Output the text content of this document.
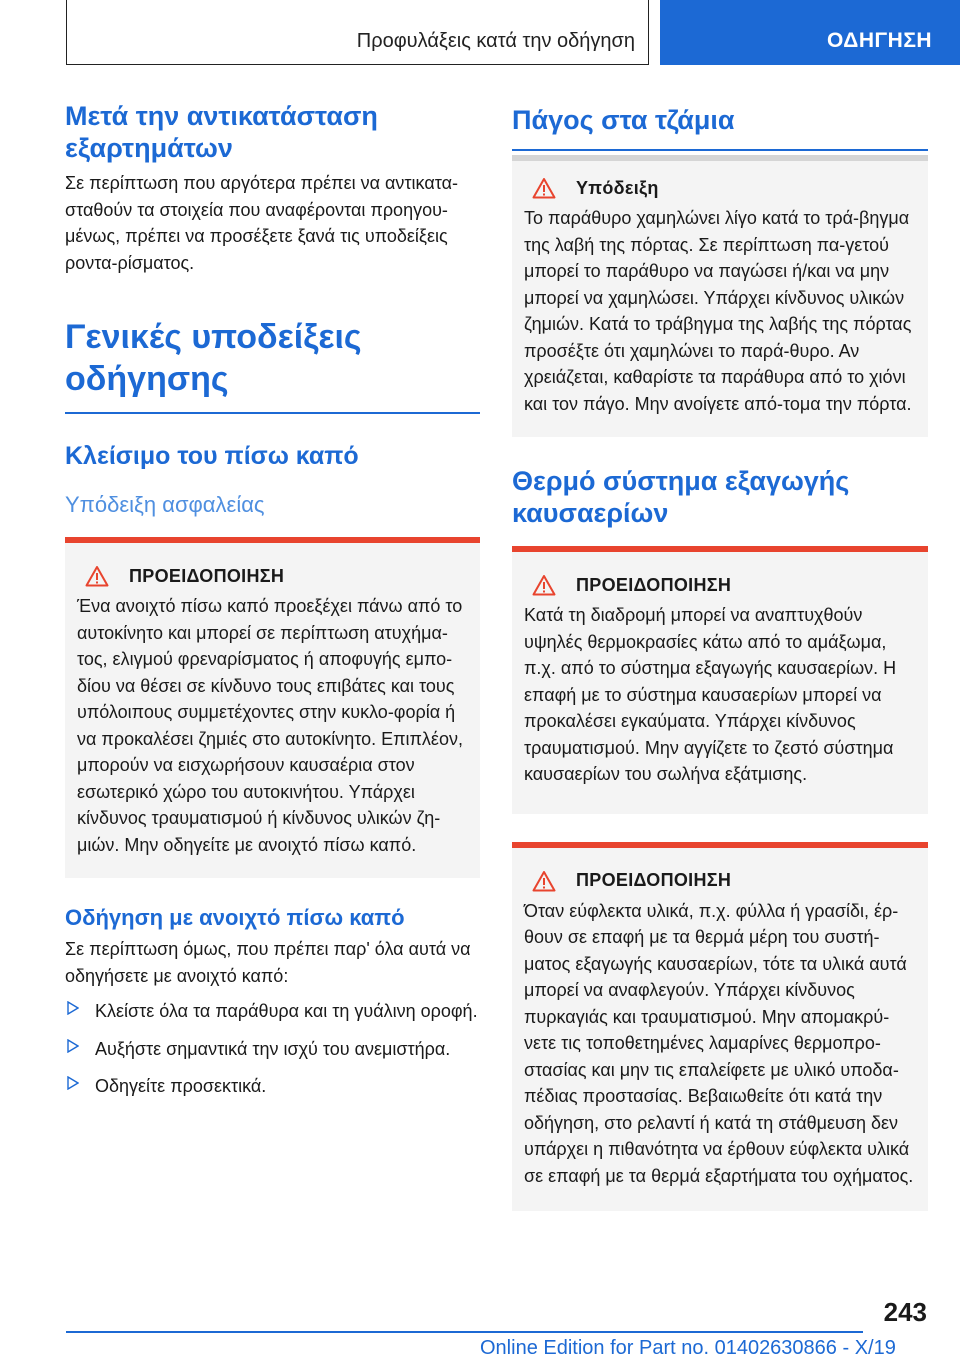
Προφυλάξεις κατά την οδήγηση	ΟΔΗΓΗΣΗ
Μετά την αντικατάσταση
εξαρτημάτων

Σε περίπτωση που αργότερα πρέπει να αντικατα-σταθούν τα στοιχεία που αναφέρονται προηγου-μένως, πρέπει να προσέξετε ξανά τις υποδείξεις ροντα-ρίσματος.

Γενικές υποδείξεις
οδήγησης
Κλείσιμο του πίσω καπό
Υπόδειξη ασφαλείας
ΠΡΟΕΙΔΟΠΟΙΗΣΗ

Ένα ανοιχτό πίσω καπό προεξέχει πάνω από το αυτοκίνητο και μπορεί σε περίπτωση ατυχήμα-τος, ελιγμού φρεναρίσματος ή αποφυγής εμπο-δίου να θέσει σε κίνδυνο τους επιβάτες και τους υπόλοιπους συμμετέχοντες στην κυκλο-φορία ή να προκαλέσει ζημιές στο αυτοκίνητο. Επιπλέον, μπορούν να εισχωρήσουν καυσαέρια στον εσωτερικό χώρο του αυτοκινήτου. Υπάρχει κίνδυνος τραυματισμού ή κίνδυνος υλικών ζη-μιών. Μην οδηγείτε με ανοιχτό πίσω καπό.

Οδήγηση με ανοιχτό πίσω καπό

Σε περίπτωση όμως, που πρέπει παρ' όλα αυτά να οδηγήσετε με ανοιχτό καπό:

Κλείστε όλα τα παράθυρα και τη γυάλινη οροφή.
Αυξήστε σημαντικά την ισχύ του ανεμιστήρα.
Οδηγείτε προσεκτικά.
Πάγος στα τζάμια
Υπόδειξη

Το παράθυρο χαμηλώνει λίγο κατά το τρά-βηγμα της λαβή της πόρτας. Σε περίπτωση πα-γετού μπορεί το παράθυρο να παγώσει ή/και να μην μπορεί να χαμηλώσει. Υπάρχει κίνδυνος υλικών ζημιών. Κατά το τράβηγμα της λαβής της πόρτας προσέξτε ότι χαμηλώνει το παρά-θυρο. Αν χρειάζεται, καθαρίστε τα παράθυρα από το χιόνι και τον πάγο. Μην ανοίγετε από-τομα την πόρτα.

Θερμό σύστημα εξαγωγής
καυσαερίων
ΠΡΟΕΙΔΟΠΟΙΗΣΗ

Κατά τη διαδρομή μπορεί να αναπτυχθούν υψηλές θερμοκρασίες κάτω από το αμάξωμα, π.χ. από το σύστημα εξαγωγής καυσαερίων. Η επαφή με το σύστημα καυσαερίων μπορεί να προκαλέσει εγκαύματα. Υπάρχει κίνδυνος τραυματισμού. Μην αγγίζετε το ζεστό σύστημα καυσαερίων του σωλήνα εξάτμισης.

ΠΡΟΕΙΔΟΠΟΙΗΣΗ

Όταν εύφλεκτα υλικά, π.χ. φύλλα ή γρασίδι, έρ-θουν σε επαφή με τα θερμά μέρη του συστή-ματος εξαγωγής καυσαερίων, τότε τα υλικά αυτά μπορεί να αναφλεγούν. Υπάρχει κίνδυνος πυρκαγιάς και τραυματισμού. Μην απομακρύ-νετε τις τοποθετημένες λαμαρίνες θερμοπρο-στασίας και μην τις επαλείφετε με υλικό υποδα-πέδιας προστασίας. Βεβαιωθείτε ότι κατά την οδήγηση, στο ρελαντί ή κατά τη στάθμευση δεν υπάρχει η πιθανότητα να έρθουν εύφλεκτα υλικά σε επαφή με τα θερμά εξαρτήματα του οχήματος.

243
Online Edition for Part no. 01402630866 - X/19
